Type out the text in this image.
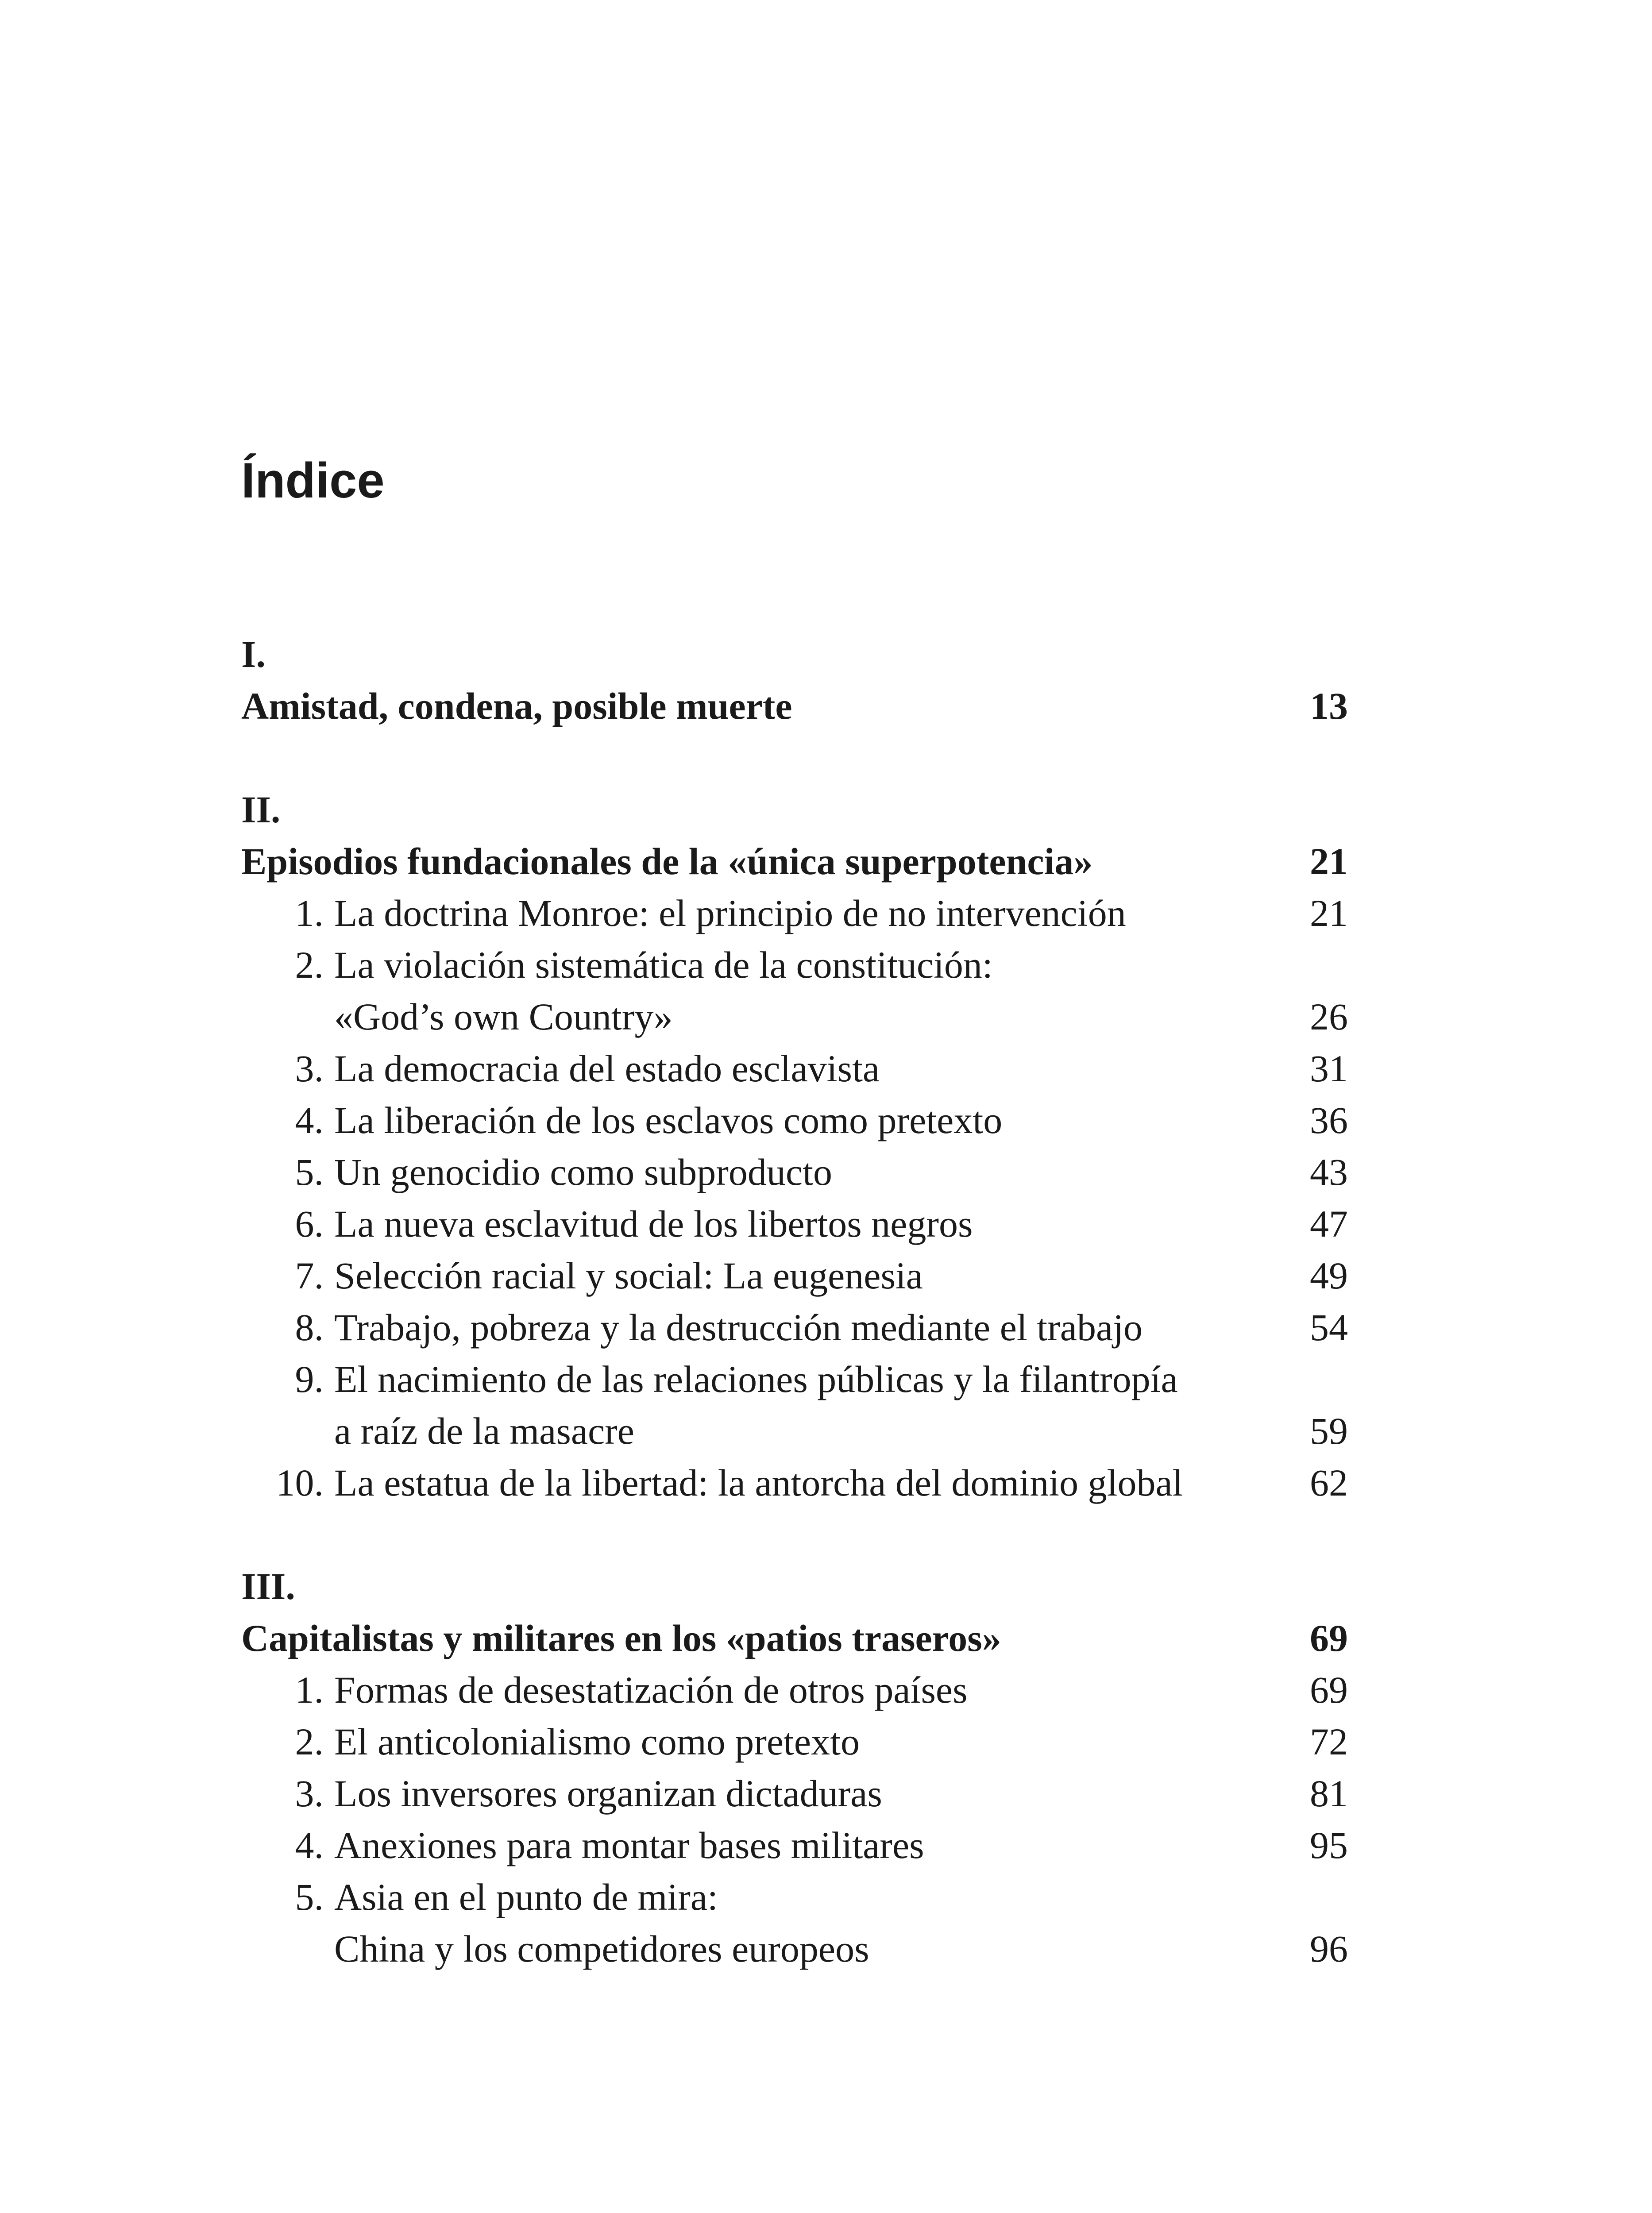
Índice
I.
Amistad, condena, posible muerte	13
II.
Episodios fundacionales de la «única superpotencia»	21
1. La doctrina Monroe: el principio de no intervención	21
2. La violación sistemática de la constitución:
«God’s own Country»	26
3. La democracia del estado esclavista	31
4. La liberación de los esclavos como pretexto	36
5. Un genocidio como subproducto	43
6. La nueva esclavitud de los libertos negros	47
7. Selección racial y social: La eugenesia	49
8. Trabajo, pobreza y la destrucción mediante el trabajo	54
9. El nacimiento de las relaciones públicas y la filantropía
a raíz de la masacre	59
10. La estatua de la libertad: la antorcha del dominio global	62
III.
Capitalistas y militares en los «patios traseros»	69
1. Formas de desestatización de otros países	69
2. El anticolonialismo como pretexto	72
3. Los inversores organizan dictaduras	81
4. Anexiones para montar bases militares	95
5. Asia en el punto de mira:
China y los competidores europeos	96
